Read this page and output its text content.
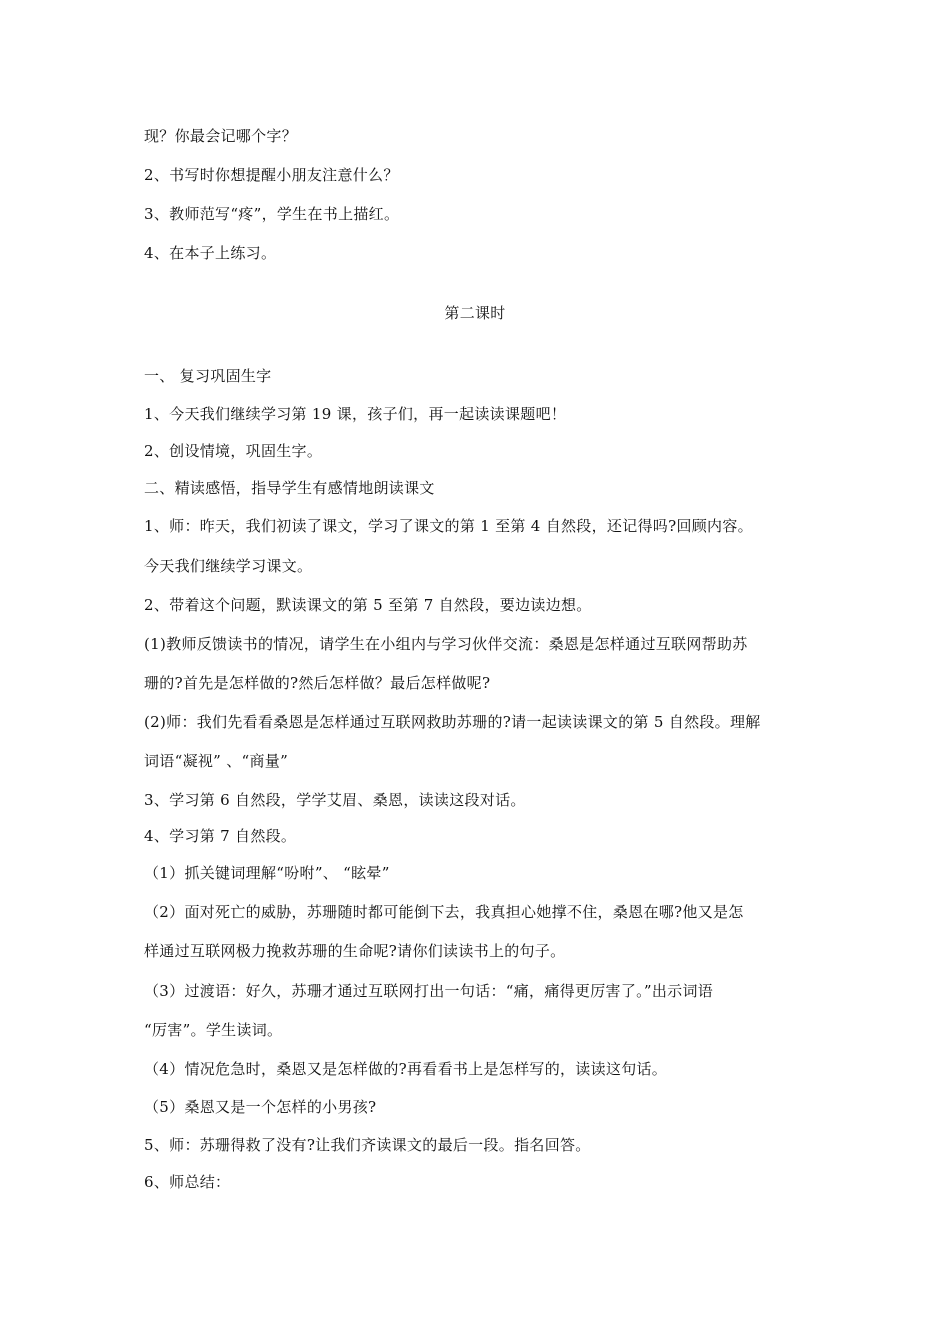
现？你最会记哪个字？
2、书写时你想提醒小朋友注意什么？
3、教师范写“疼”，学生在书上描红。
4、在本子上练习。
第二课时
一、 复习巩固生字
1、今天我们继续学习第 19 课，孩子们，再一起读读课题吧！
2、创设情境，巩固生字。
二、精读感悟，指导学生有感情地朗读课文
1、师：昨天，我们初读了课文，学习了课文的第 1 至第 4 自然段，还记得吗?回顾内容。
今天我们继续学习课文。
2、带着这个问题，默读课文的第 5 至第 7 自然段，要边读边想。
(1)教师反馈读书的情况，请学生在小组内与学习伙伴交流：桑恩是怎样通过互联网帮助苏
珊的?首先是怎样做的?然后怎样做？最后怎样做呢?
(2)师：我们先看看桑恩是怎样通过互联网救助苏珊的?请一起读读课文的第 5 自然段。理解
词语“凝视” 、“商量”
3、学习第 6 自然段，学学艾眉、桑恩，读读这段对话。
4、学习第 7 自然段。
（1）抓关键词理解“吩咐”、 “眩晕”
（2）面对死亡的威胁，苏珊随时都可能倒下去，我真担心她撑不住，桑恩在哪?他又是怎
样通过互联网极力挽救苏珊的生命呢?请你们读读书上的句子。
（3）过渡语：好久，苏珊才通过互联网打出一句话：“痛，痛得更厉害了。”出示词语
“厉害”。学生读词。
（4）情况危急时，桑恩又是怎样做的?再看看书上是怎样写的，读读这句话。
（5）桑恩又是一个怎样的小男孩?
5、师：苏珊得救了没有?让我们齐读课文的最后一段。指名回答。
6、师总结：
